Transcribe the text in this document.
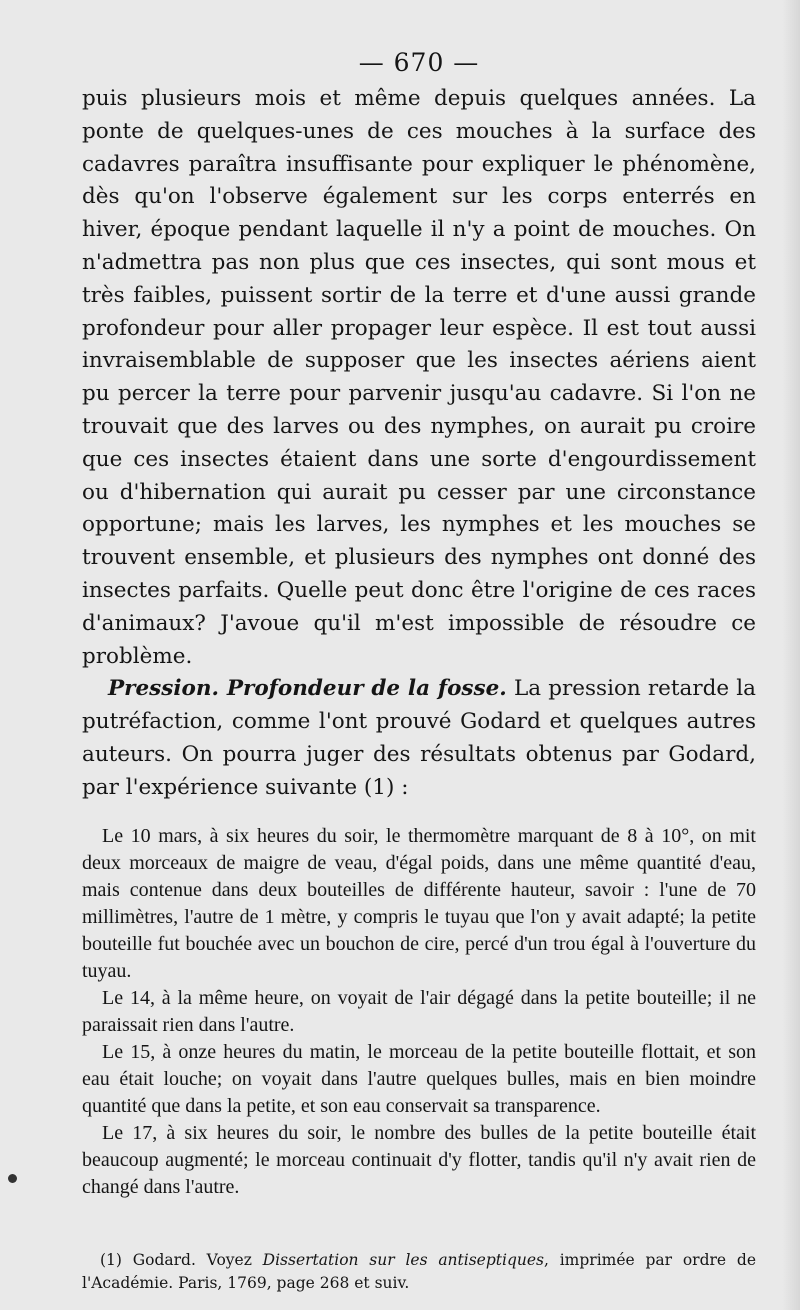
— 670 —

puis plusieurs mois et même depuis quelques années. La ponte de quelques-unes de ces mouches à la surface des cadavres paraîtra insuffisante pour expliquer le phénomène, dès qu'on l'observe également sur les corps enterrés en hiver, époque pendant laquelle il n'y a point de mouches. On n'admettra pas non plus que ces insectes, qui sont mous et très faibles, puissent sortir de la terre et d'une aussi grande profondeur pour aller propager leur espèce. Il est tout aussi invraisemblable de supposer que les insectes aériens aient pu percer la terre pour parvenir jusqu'au cadavre. Si l'on ne trouvait que des larves ou des nymphes, on aurait pu croire que ces insectes étaient dans une sorte d'engourdissement ou d'hibernation qui aurait pu cesser par une circonstance opportune; mais les larves, les nymphes et les mouches se trouvent ensemble, et plusieurs des nymphes ont donné des insectes parfaits. Quelle peut donc être l'origine de ces races d'animaux? J'avoue qu'il m'est impossible de résoudre ce problème.

Pression. Profondeur de la fosse. La pression retarde la putréfaction, comme l'ont prouvé Godard et quelques autres auteurs. On pourra juger des résultats obtenus par Godard, par l'expérience suivante (1) :

Le 10 mars, à six heures du soir, le thermomètre marquant de 8 à 10°, on mit deux morceaux de maigre de veau, d'égal poids, dans une même quantité d'eau, mais contenue dans deux bouteilles de différente hauteur, savoir : l'une de 70 millimètres, l'autre de 1 mètre, y compris le tuyau que l'on y avait adapté; la petite bouteille fut bouchée avec un bouchon de cire, percé d'un trou égal à l'ouverture du tuyau.

Le 14, à la même heure, on voyait de l'air dégagé dans la petite bouteille; il ne paraissait rien dans l'autre.

Le 15, à onze heures du matin, le morceau de la petite bouteille flottait, et son eau était louche; on voyait dans l'autre quelques bulles, mais en bien moindre quantité que dans la petite, et son eau conservait sa transparence.

Le 17, à six heures du soir, le nombre des bulles de la petite bouteille était beaucoup augmenté; le morceau continuait d'y flotter, tandis qu'il n'y avait rien de changé dans l'autre.

(1) Godard. Voyez Dissertation sur les antiseptiques, imprimée par ordre de l'Académie. Paris, 1769, page 268 et suiv.
